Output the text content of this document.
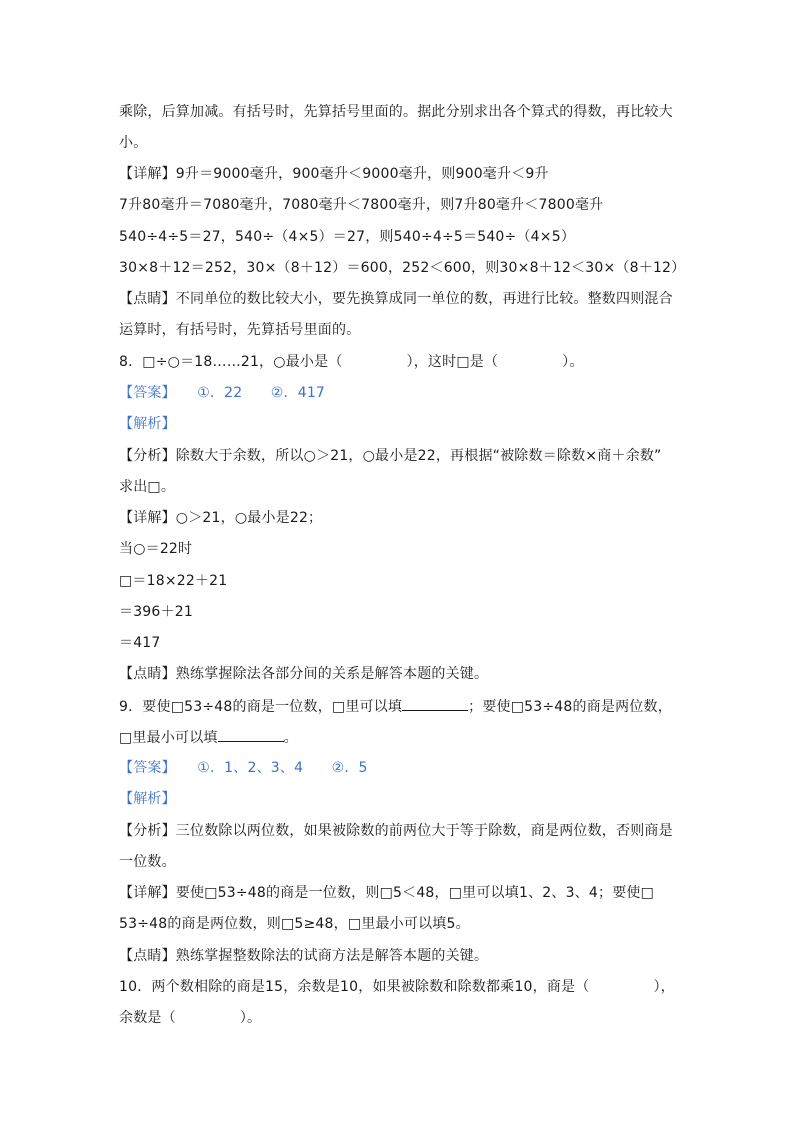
乘除，后算加减。有括号时，先算括号里面的。据此分别求出各个算式的得数，再比较大
小。
【详解】9升＝9000毫升，900毫升＜9000毫升，则900毫升＜9升
7升80毫升＝7080毫升，7080毫升＜7800毫升，则7升80毫升＜7800毫升
540÷4÷5＝27，540÷（4×5）＝27，则540÷4÷5＝540÷（4×5）
30×8＋12＝252，30×（8＋12）＝600，252＜600，则30×8＋12＜30×（8＋12）
【点睛】不同单位的数比较大小，要先换算成同一单位的数，再进行比较。整数四则混合
运算时，有括号时，先算括号里面的。
8．□÷○＝18……21，○最小是（	），这时□是（	）。
【答案】　　①．22　　②．417
【解析】
【分析】除数大于余数，所以○＞21，○最小是22，再根据“被除数＝除数×商＋余数”
求出□。
【详解】○＞21，○最小是22；
当○＝22时
□＝18×22＋21
＝396＋21
＝417
【点睛】熟练掌握除法各部分间的关系是解答本题的关键。
9．要使□53÷48的商是一位数，□里可以填	；要使□53÷48的商是两位数，
□里最小可以填	。
【答案】　　①．1、2、3、4　　②．5
【解析】
【分析】三位数除以两位数，如果被除数的前两位大于等于除数，商是两位数，否则商是
一位数。
【详解】要使□53÷48的商是一位数，则□5＜48，□里可以填1、2、3、4；要使□
53÷48的商是两位数，则□5≥48，□里最小可以填5。
【点睛】熟练掌握整数除法的试商方法是解答本题的关键。
10．两个数相除的商是15，余数是10，如果被除数和除数都乘10，商是（	），
余数是（	）。
